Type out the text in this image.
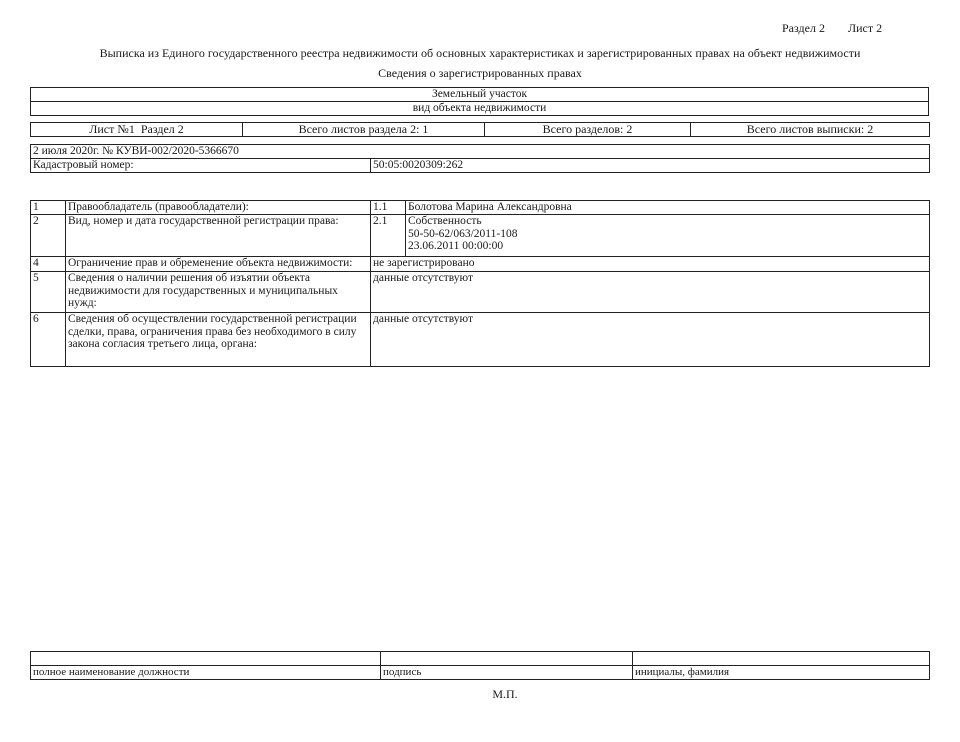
Раздел 2 Лист 2
Выписка из Единого государственного реестра недвижимости об основных характеристиках и зарегистрированных правах на объект недвижимости
Сведения о зарегистрированных правах
Земельный участок
вид объекта недвижимости
Лист №1  Раздел 2	Всего листов раздела 2: 1	Всего разделов: 2	Всего листов выписки: 2
2 июля 2020г. № КУВИ-002/2020-5366670
Кадастровый номер:	50:05:0020309:262
1	Правообладатель (правообладатели):	1.1	Болотова Марина Александровна
2	Вид, номер и дата государственной регистрации права:	2.1	Собственность
50-50-62/063/2011-108
23.06.2011 00:00:00

4	Ограничение прав и обременение объекта недвижимости:	не зарегистрировано	
5	Сведения о наличии решения об изъятии объекта недвижимости для государственных и муниципальных нужд:	данные отсутствуют	
6	Сведения об осуществлении государственной регистрации сделки, права, ограничения права без необходимого в силу закона согласия третьего лица, органа:	данные отсутствуют	

полное наименование должности	подпись	инициалы, фамилия
М.П.
